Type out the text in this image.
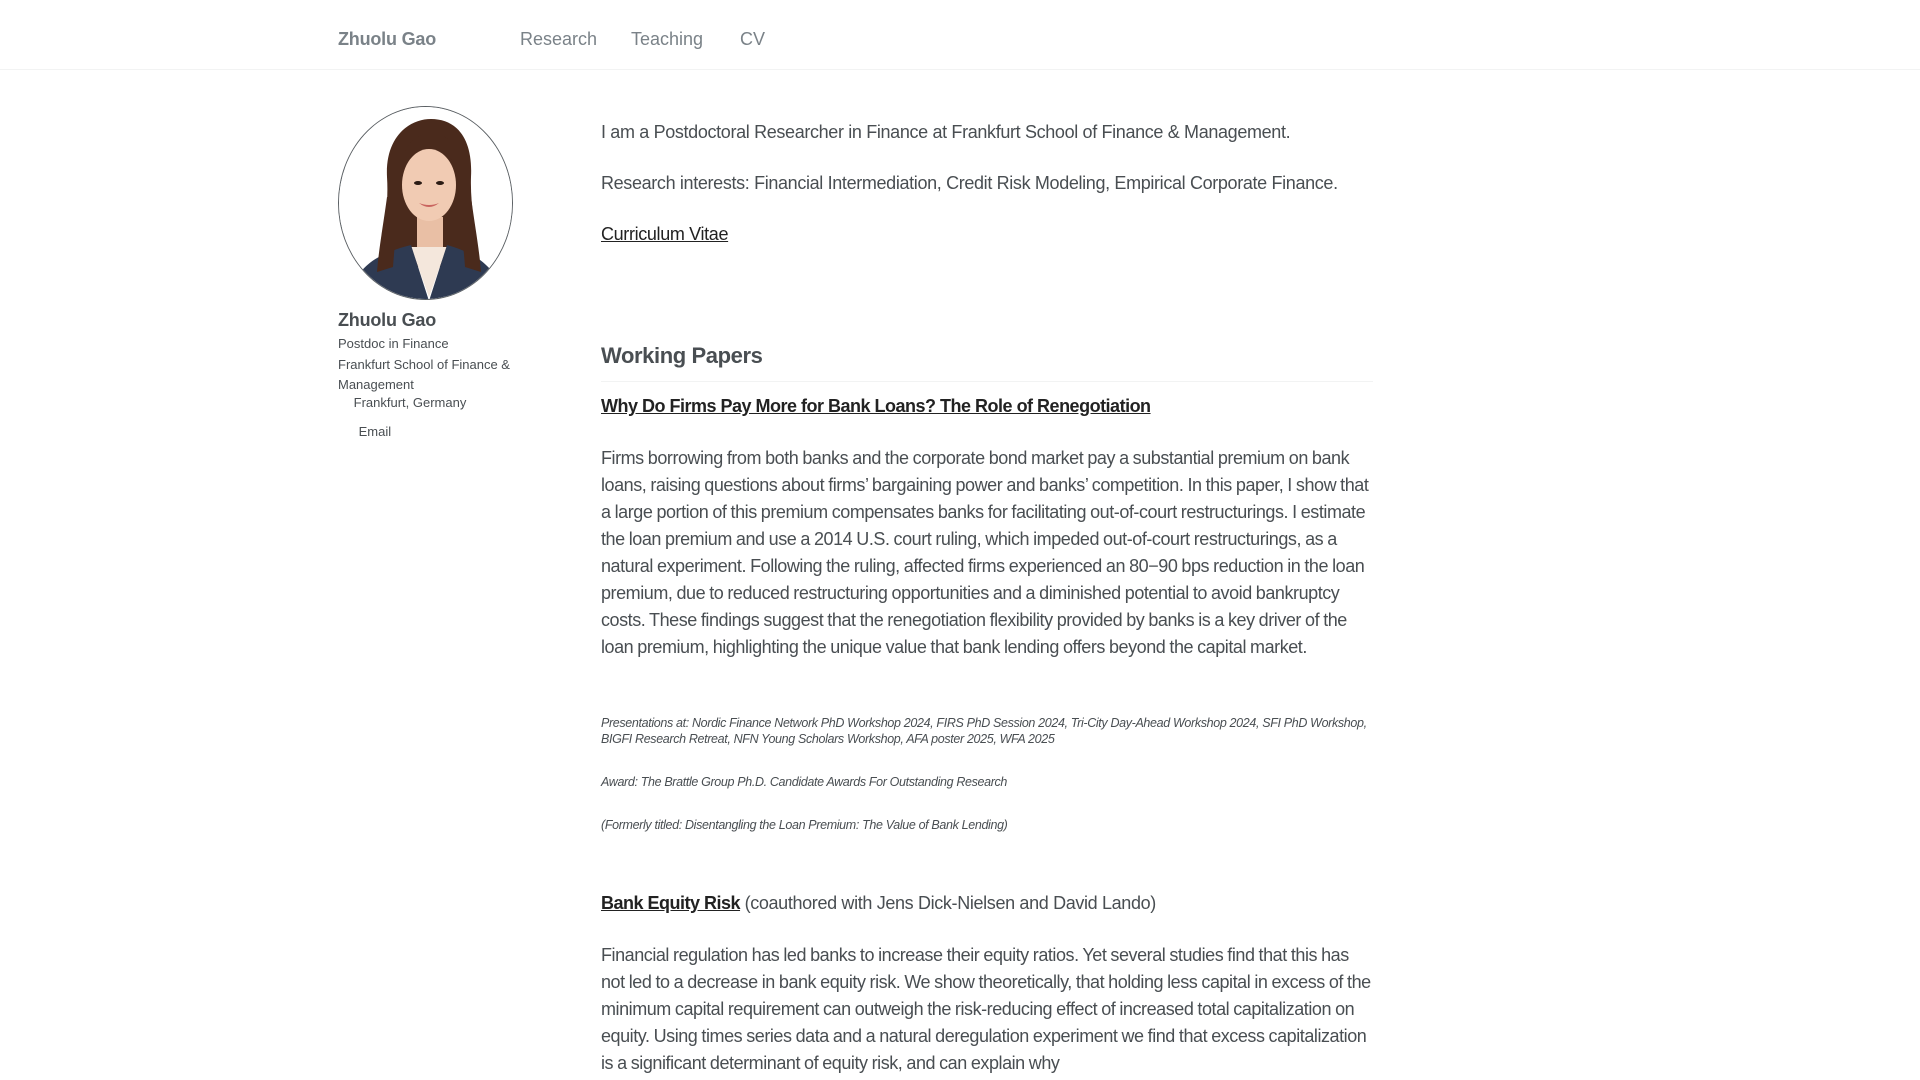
Zhuolu Gao	Research Teaching CV
Zhuolu Gao
Postdoc in Finance
Frankfurt School of Finance & Management
Frankfurt, Germany
Email

I am a Postdoctoral Researcher in Finance at Frankfurt School of Finance & Management.

Research interests: Financial Intermediation, Credit Risk Modeling, Empirical Corporate Finance.

Curriculum Vitae
Working Papers
Why Do Firms Pay More for Bank Loans? The Role of Renegotiation

Firms borrowing from both banks and the corporate bond market pay a substantial premium on bank loans, raising questions about firms’ bargaining power and banks’ competition. In this paper, I show that a large portion of this premium compensates banks for facilitating out-of-court restructurings. I estimate the loan premium and use a 2014 U.S. court ruling, which impeded out-of-court restructurings, as a natural experiment. Following the ruling, affected firms experienced an 80−90 bps reduction in the loan premium, due to reduced restructuring opportunities and a diminished potential to avoid bankruptcy costs. These findings suggest that the renegotiation flexibility provided by banks is a key driver of the loan premium, highlighting the unique value that bank lending offers beyond the capital market.

Presentations at: Nordic Finance Network PhD Workshop 2024, FIRS PhD Session 2024, Tri-City Day-Ahead Workshop 2024, SFI PhD Workshop, BIGFI Research Retreat, NFN Young Scholars Workshop, AFA poster 2025, WFA 2025

Award: The Brattle Group Ph.D. Candidate Awards For Outstanding Research

(Formerly titled: Disentangling the Loan Premium: The Value of Bank Lending)

Bank Equity Risk (coauthored with Jens Dick-Nielsen and David Lando)

Financial regulation has led banks to increase their equity ratios. Yet several studies find that this has not led to a decrease in bank equity risk. We show theoretically, that holding less capital in excess of the minimum capital requirement can outweigh the risk-reducing effect of increased total capitalization on equity. Using times series data and a natural deregulation experiment we find that excess capitalization is a significant determinant of equity risk, and can explain why
